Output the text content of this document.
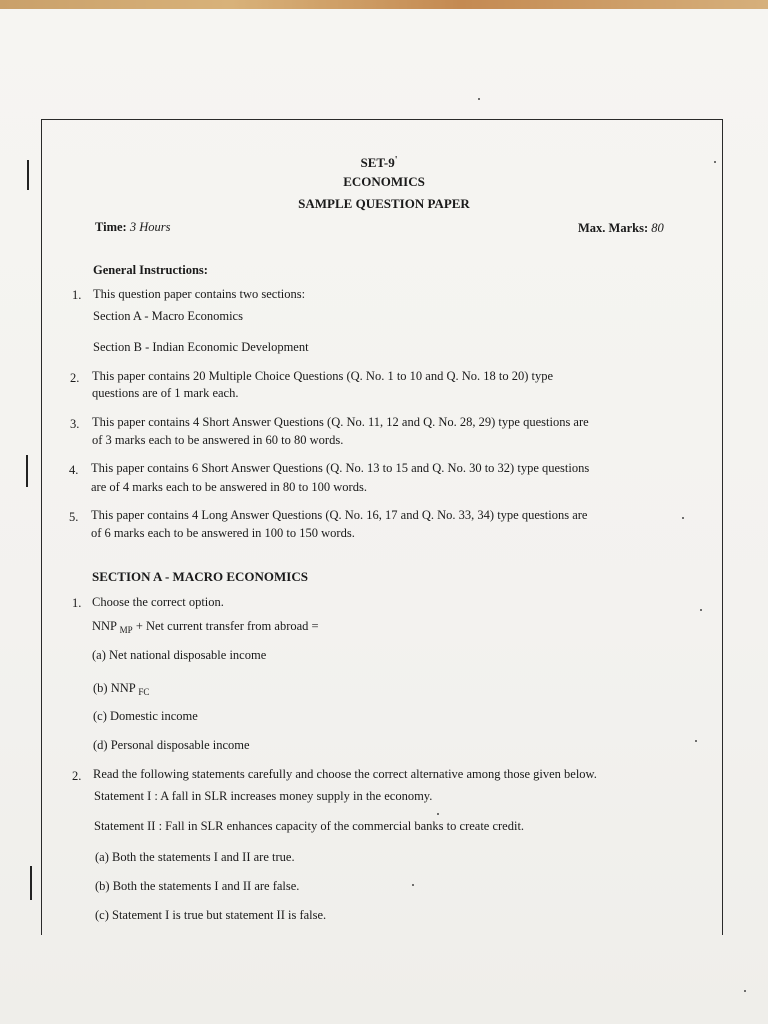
SET-9'
ECONOMICS
SAMPLE QUESTION PAPER
Time: 3 Hours	Max. Marks: 80
General Instructions:
1. This question paper contains two sections:
Section A - Macro Economics
Section B - Indian Economic Development
2. This paper contains 20 Multiple Choice Questions (Q. No. 1 to 10 and Q. No. 18 to 20) type
questions are of 1 mark each.
3. This paper contains 4 Short Answer Questions (Q. No. 11, 12 and Q. No. 28, 29) type questions are
of 3 marks each to be answered in 60 to 80 words.
4. This paper contains 6 Short Answer Questions (Q. No. 13 to 15 and Q. No. 30 to 32) type questions
are of 4 marks each to be answered in 80 to 100 words.
5. This paper contains 4 Long Answer Questions (Q. No. 16, 17 and Q. No. 33, 34) type questions are
of 6 marks each to be answered in 100 to 150 words.
SECTION A - MACRO ECONOMICS
1. Choose the correct option.
NNP $_{MP}$ + Net current transfer from abroad =
(a) Net national disposable income
(b) NNP $_{FC}$
(c) Domestic income
(d) Personal disposable income
2. Read the following statements carefully and choose the correct alternative among those given below.
Statement I : A fall in SLR increases money supply in the economy.
Statement II : Fall in SLR enhances capacity of the commercial banks to create credit.
(a) Both the statements I and II are true.
(b) Both the statements I and II are false.
(c) Statement I is true but statement II is false.
